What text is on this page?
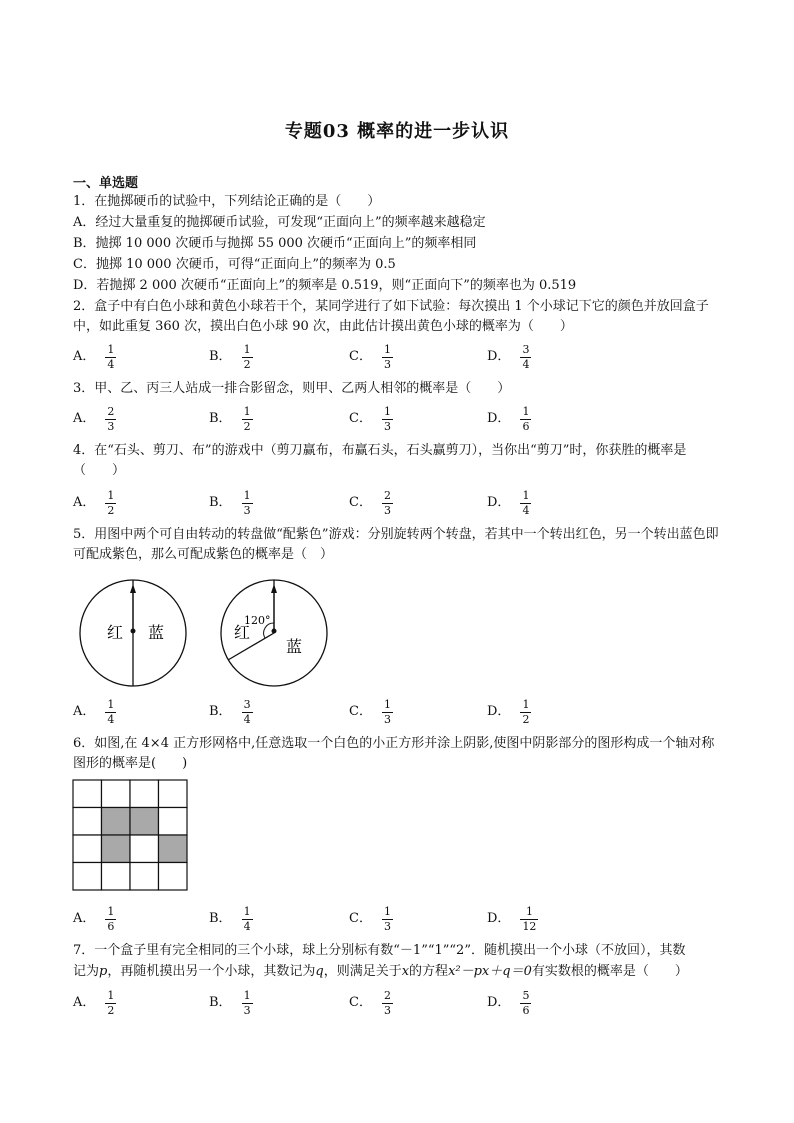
专题03 概率的进一步认识
一、单选题
1．在抛掷硬币的试验中，下列结论正确的是（　　）
A．经过大量重复的抛掷硬币试验，可发现“正面向上”的频率越来越稳定
B．抛掷 10 000 次硬币与抛掷 55 000 次硬币“正面向上”的频率相同
C．抛掷 10 000 次硬币，可得“正面向上”的频率为 0.5
D．若抛掷 2 000 次硬币“正面向上”的频率是 0.519，则“正面向下”的频率也为 0.519
2．盒子中有白色小球和黄色小球若干个，某同学进行了如下试验：每次摸出 1 个小球记下它的颜色并放回盒子中，如此重复 360 次，摸出白色小球 90 次，由此估计摸出黄色小球的概率为（　　）
A． $\frac{1}{4}$	B． $\frac{1}{2}$	C． $\frac{1}{3}$	D． $\frac{3}{4}$
3．甲、乙、丙三人站成一排合影留念，则甲、乙两人相邻的概率是（　　）
A． $\frac{2}{3}$	B． $\frac{1}{2}$	C． $\frac{1}{3}$	D． $\frac{1}{6}$
4．在“石头、剪刀、布”的游戏中（剪刀赢布，布赢石头，石头赢剪刀），当你出“剪刀”时，你获胜的概率是（　　）
A． $\frac{1}{2}$	B． $\frac{1}{3}$	C． $\frac{2}{3}$	D． $\frac{1}{4}$
5．用图中两个可自由转动的转盘做“配紫色”游戏：分别旋转两个转盘，若其中一个转出红色，另一个转出蓝色即可配成紫色，那么可配成紫色的概率是（　）
红 蓝
120°
红
蓝
A． $\frac{1}{4}$	B． $\frac{3}{4}$	C． $\frac{1}{3}$	D． $\frac{1}{2}$
6．如图,在 4×4 正方形网格中,任意选取一个白色的小正方形并涂上阴影,使图中阴影部分的图形构成一个轴对称图形的概率是(　　)
A． $\frac{1}{6}$	B． $\frac{1}{4}$	C． $\frac{1}{3}$	D． $\frac{1}{12}$
7．一个盒子里有完全相同的三个小球，球上分别标有数“－1”“1”“2”．随机摸出一个小球（不放回），其数
记为p，再随机摸出另一个小球，其数记为q，则满足关于x的方程x²－px＋q＝0有实数根的概率是（　　）
A． $\frac{1}{2}$	B． $\frac{1}{3}$	C． $\frac{2}{3}$	D． $\frac{5}{6}$
